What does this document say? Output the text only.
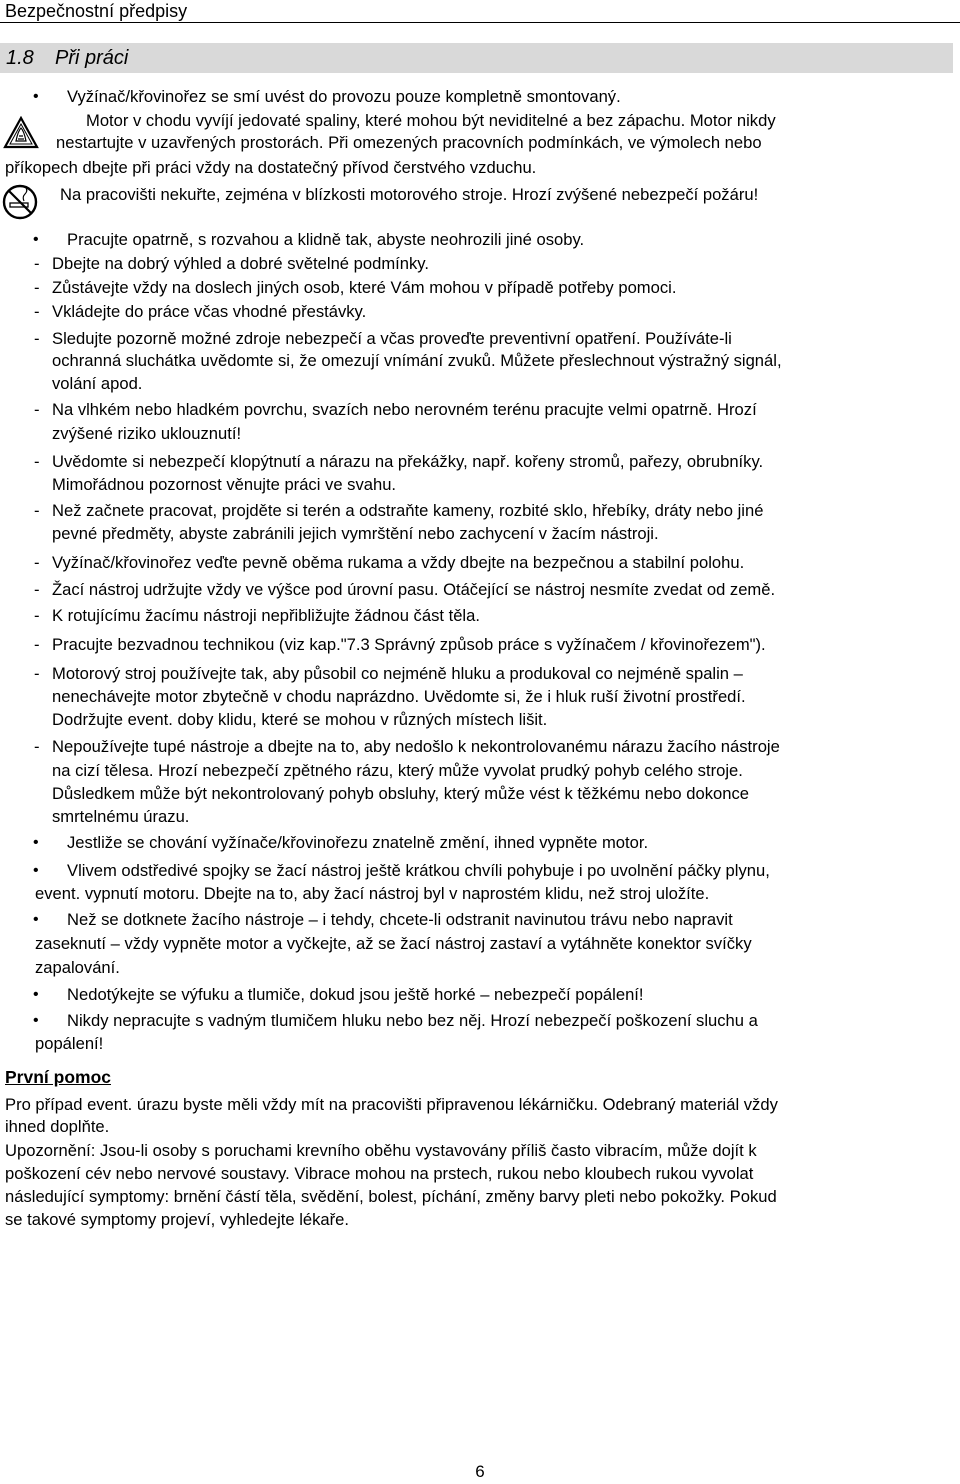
Bezpečnostní předpisy
1.8 Při práci
• Vyžínač/křovinořez se smí uvést do provozu pouze kompletně smontovaný.
Motor v chodu vyvíjí jedovaté spaliny, které mohou být neviditelné a bez zápachu. Motor nikdy
nestartujte v uzavřených prostorách. Při omezených pracovních podmínkách, ve výmolech nebo
příkopech dbejte při práci vždy na dostatečný přívod čerstvého vzduchu.
Na pracovišti nekuřte, zejména v blízkosti motorového stroje. Hrozí zvýšené nebezpečí požáru!
• Pracujte opatrně, s rozvahou a klidně tak, abyste neohrozili jiné osoby.
- Dbejte na dobrý výhled a dobré světelné podmínky.
- Zůstávejte vždy na doslech jiných osob, které Vám mohou v případě potřeby pomoci.
- Vkládejte do práce včas vhodné přestávky.
- Sledujte pozorně možné zdroje nebezpečí a včas proveďte preventivní opatření. Používáte-li
ochranná sluchátka uvědomte si, že omezují vnímání zvuků. Můžete přeslechnout výstražný signál,
volání apod.
- Na vlhkém nebo hladkém povrchu, svazích nebo nerovném terénu pracujte velmi opatrně. Hrozí
zvýšené riziko uklouznutí!
- Uvědomte si nebezpečí klopýtnutí a nárazu na překážky, např. kořeny stromů, pařezy, obrubníky.
Mimořádnou pozornost věnujte práci ve svahu.
- Než začnete pracovat, projděte si terén a odstraňte kameny, rozbité sklo, hřebíky, dráty nebo jiné
pevné předměty, abyste zabránili jejich vymrštění nebo zachycení v žacím nástroji.
- Vyžínač/křovinořez veďte pevně oběma rukama a vždy dbejte na bezpečnou a stabilní polohu.
- Žací nástroj udržujte vždy ve výšce pod úrovní pasu. Otáčející se nástroj nesmíte zvedat od země.
- K rotujícímu žacímu nástroji nepřibližujte žádnou část těla.
- Pracujte bezvadnou technikou (viz kap."7.3 Správný způsob práce s vyžínačem / křovinořezem").
- Motorový stroj používejte tak, aby působil co nejméně hluku a produkoval co nejméně spalin –
nenechávejte motor zbytečně v chodu naprázdno. Uvědomte si, že i hluk ruší životní prostředí.
Dodržujte event. doby klidu, které se mohou v různých místech lišit.
- Nepoužívejte tupé nástroje a dbejte na to, aby nedošlo k nekontrolovanému nárazu žacího nástroje
na cizí tělesa. Hrozí nebezpečí zpětného rázu, který může vyvolat prudký pohyb celého stroje.
Důsledkem může být nekontrolovaný pohyb obsluhy, který může vést k těžkému nebo dokonce
smrtelnému úrazu.
• Jestliže se chování vyžínače/křovinořezu znatelně změní, ihned vypněte motor.
• Vlivem odstředivé spojky se žací nástroj ještě krátkou chvíli pohybuje i po uvolnění páčky plynu,
event. vypnutí motoru. Dbejte na to, aby žací nástroj byl v naprostém klidu, než stroj uložíte.
• Než se dotknete žacího nástroje – i tehdy, chcete-li odstranit navinutou trávu nebo napravit
zaseknutí – vždy vypněte motor a vyčkejte, až se žací nástroj zastaví a vytáhněte konektor svíčky
zapalování.
• Nedotýkejte se výfuku a tlumiče, dokud jsou ještě horké – nebezpečí popálení!
• Nikdy nepracujte s vadným tlumičem hluku nebo bez něj. Hrozí nebezpečí poškození sluchu a
popálení!
První pomoc
Pro případ event. úrazu byste měli vždy mít na pracovišti připravenou lékárničku. Odebraný materiál vždy
ihned doplňte.
Upozornění: Jsou-li osoby s poruchami krevního oběhu vystavovány příliš často vibracím, může dojít k
poškození cév nebo nervové soustavy. Vibrace mohou na prstech, rukou nebo kloubech rukou vyvolat
následující symptomy: brnění částí těla, svědění, bolest, píchání, změny barvy pleti nebo pokožky. Pokud
se takové symptomy projeví, vyhledejte lékaře.
6
